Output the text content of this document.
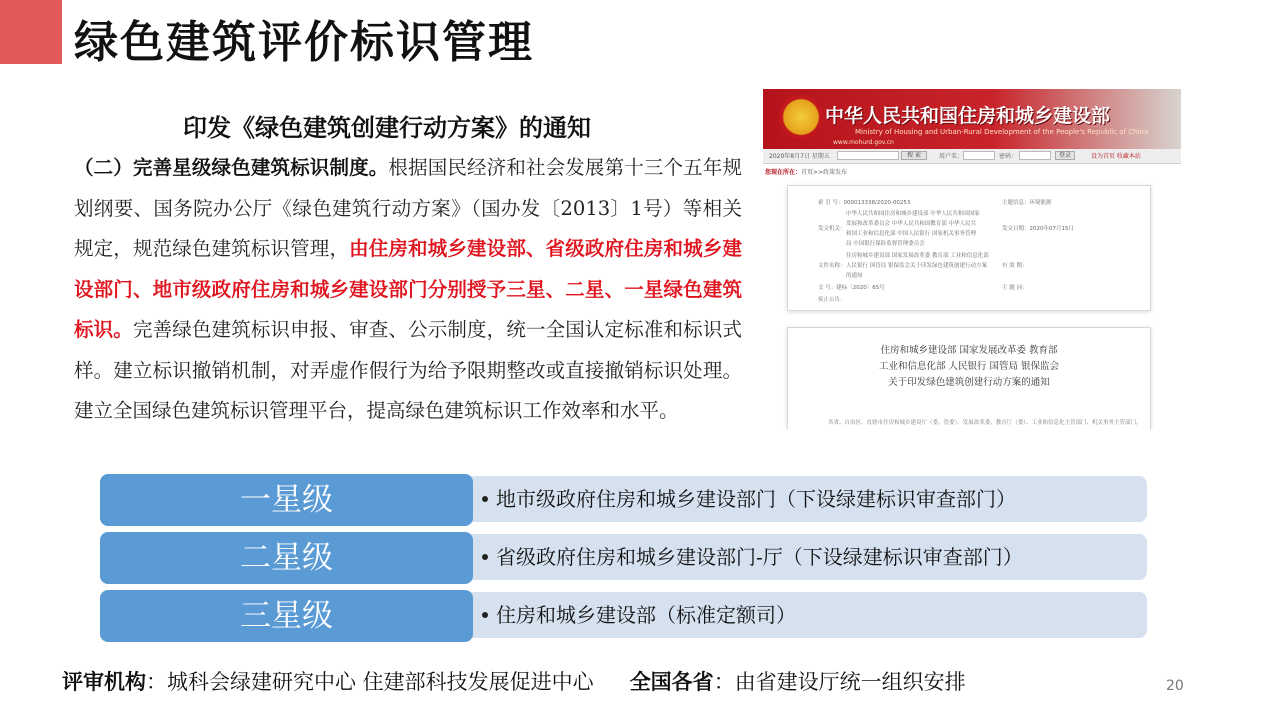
绿色建筑评价标识管理
印发《绿色建筑创建行动方案》的通知
（二）完善星级绿色建筑标识制度。根据国民经济和社会发展第十三个五年规划纲要、国务院办公厅《绿色建筑行动方案》（国办发〔2013〕1号）等相关规定，规范绿色建筑标识管理，由住房和城乡建设部、省级政府住房和城乡建设部门、地市级政府住房和城乡建设部门分别授予三星、二星、一星绿色建筑标识。完善绿色建筑标识申报、审查、公示制度，统一全国认定标准和标识式样。建立标识撤销机制，对弄虚作假行为给予限期整改或直接撤销标识处理。建立全国绿色建筑标识管理平台，提高绿色建筑标识工作效率和水平。
中华人民共和国住房和城乡建设部
Ministry of Housing and Urban-Rural Development of the People's Republic of China
www.mohurd.gov.cn
2020年8月7日 星期五	搜 索	用户名：	密码：	登录	设为首页 收藏本站
您现在所在：首页>>政策发布
索 引 号：000013338/2020-00253	主题信息：环境能源
发文机关：
中华人民共和国住房和城乡建设部 中华人民共和国国家
发展和改革委员会 中华人民共和国教育部 中华人民共
和国工业和信息化部 中国人民银行 国家机关事务管理
局 中国银行保险监督管理委员会
发文日期：2020年07月15日
文件名称：
住房和城乡建设部 国家发展改革委 教育部 工业和信息化部
人民银行 国管局 银保监会关于印发绿色建筑创建行动方案
的通知
有 效 期：
文 号：建标〔2020〕65号	主 题 词：
废止公告：
住房和城乡建设部 国家发展改革委 教育部
工业和信息化部 人民银行 国管局 银保监会
关于印发绿色建筑创建行动方案的通知
各省、自治区、直辖市住房和城乡建设厅（委、管委）、发展改革委、教育厅（委）、工业和信息化主管部门、机关事务主管部门，
一星级	地市级政府住房和城乡建设部门（下设绿建标识审查部门）
二星级	省级政府住房和城乡建设部门-厅（下设绿建标识审查部门）
三星级	住房和城乡建设部（标准定额司）
评审机构：城科会绿建研究中心 住建部科技发展促进中心 全国各省：由省建设厅统一组织安排	20
